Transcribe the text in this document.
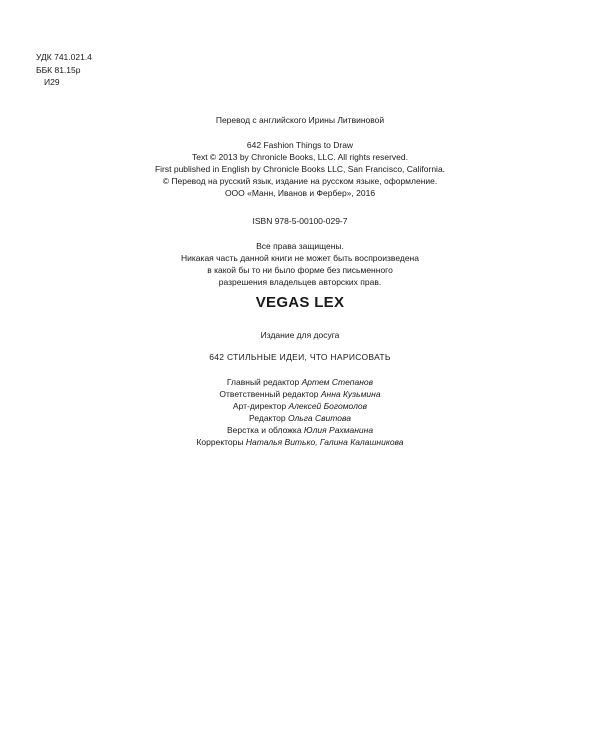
УДК 741.021.4
ББК 81.15р
И29
Перевод с английского Ирины Литвиновой
642 Fashion Things to Draw
Text © 2013 by Chronicle Books, LLC. All rights reserved.
First published in English by Chronicle Books LLC, San Francisco, California.
© Перевод на русский язык, издание на русском языке, оформление.
ООО «Манн, Иванов и Фербер», 2016
ISBN 978-5-00100-029-7
Все права защищены.
Никакая часть данной книги не может быть воспроизведена
в какой бы то ни было форме без письменного
разрешения владельцев авторских прав.
VEGAS LEX
Издание для досуга
642 СТИЛЬНЫЕ ИДЕИ, ЧТО НАРИСОВАТЬ
Главный редактор Артем Степанов
Ответственный редактор Анна Кузьмина
Арт-директор Алексей Богомолов
Редактор Ольга Свитова
Верстка и обложка Юлия Рахманина
Корректоры Наталья Витько, Галина Калашникова
